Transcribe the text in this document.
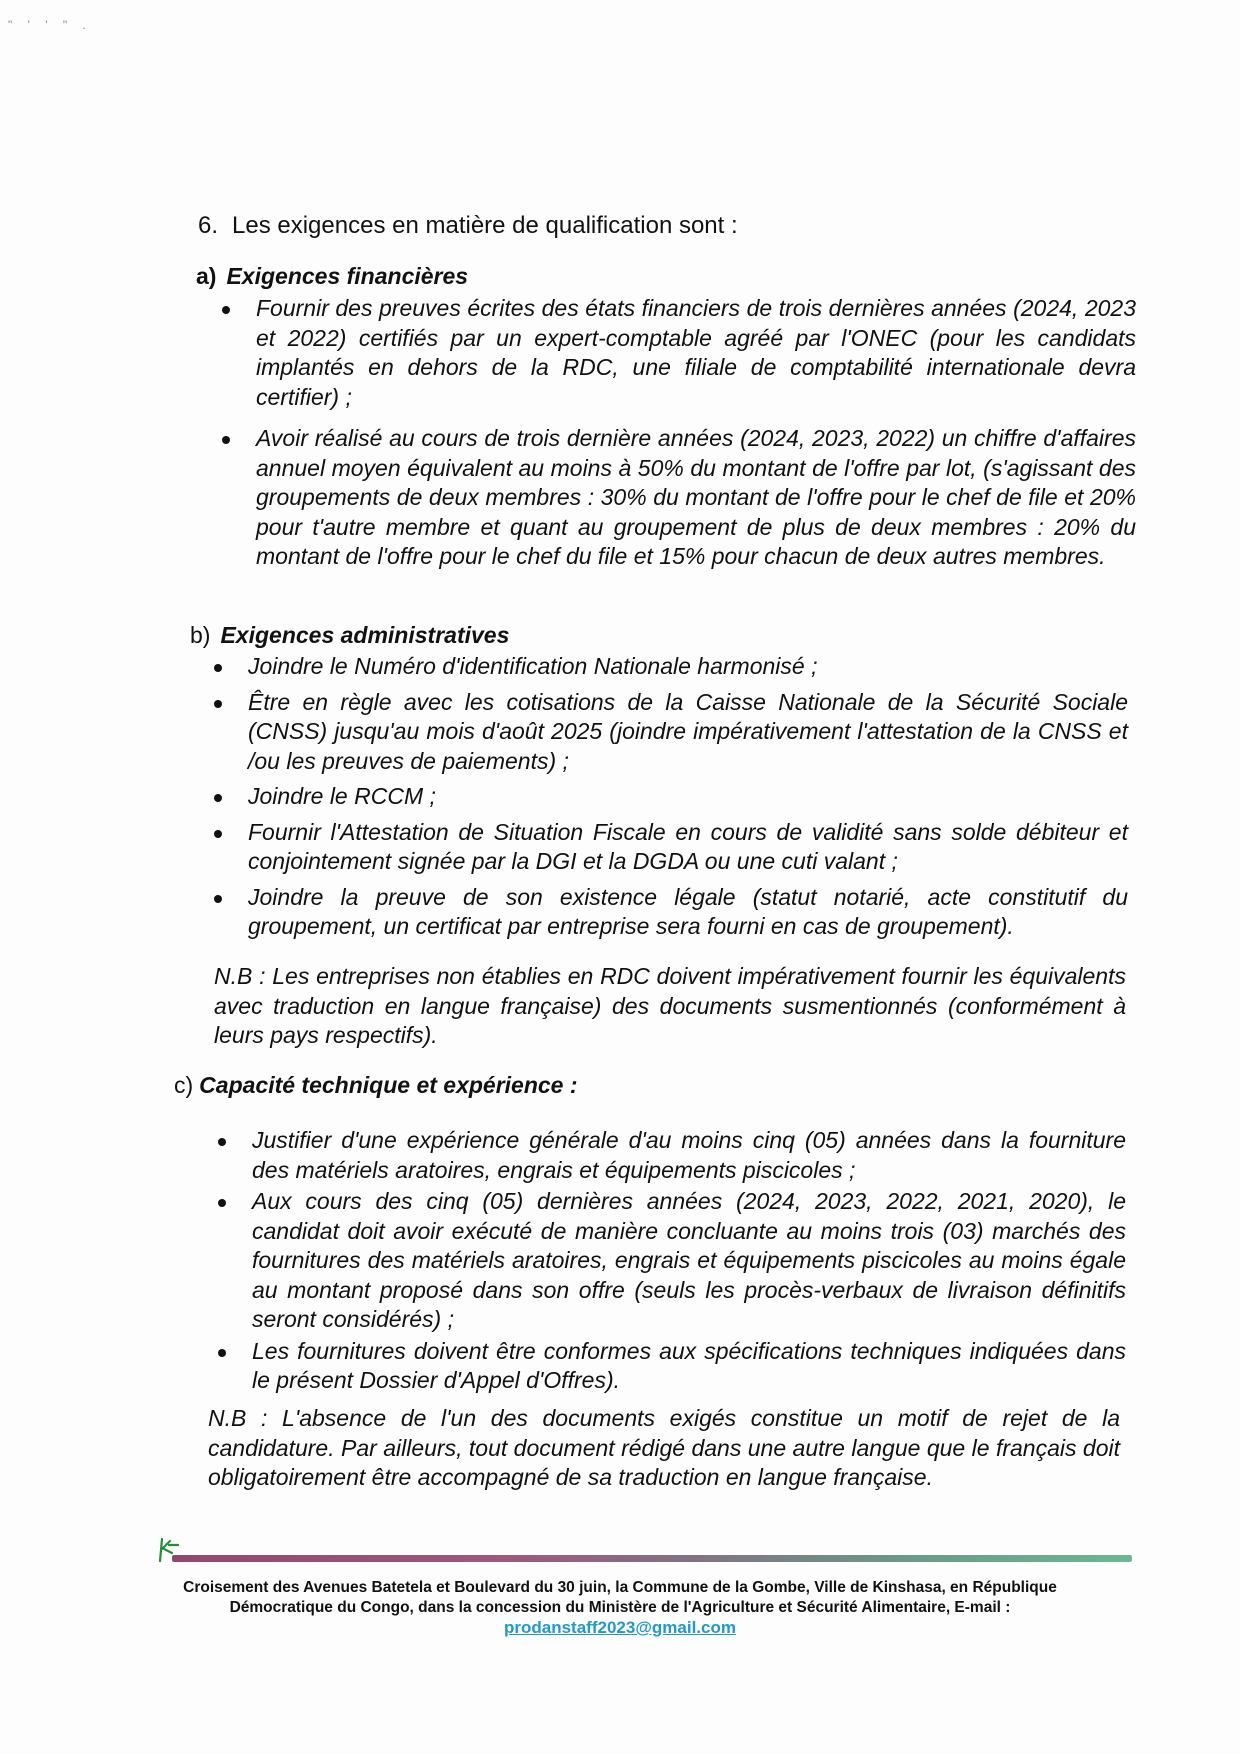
" ' ' " .
6. Les exigences en matière de qualification sont :
a) Exigences financières
Fournir des preuves écrites des états financiers de trois dernières années (2024, 2023 et 2022) certifiés par un expert-comptable agréé par l'ONEC (pour les candidats implantés en dehors de la RDC, une filiale de comptabilité internationale devra certifier) ;
Avoir réalisé au cours de trois dernière années (2024, 2023, 2022) un chiffre d'affaires annuel moyen équivalent au moins à 50% du montant de l'offre par lot, (s'agissant des groupements de deux membres : 30% du montant de l'offre pour le chef de file et 20% pour t'autre membre et quant au groupement de plus de deux membres : 20% du montant de l'offre pour le chef du file et 15% pour chacun de deux autres membres.
b) Exigences administratives
Joindre le Numéro d'identification Nationale harmonisé ;
Être en règle avec les cotisations de la Caisse Nationale de la Sécurité Sociale (CNSS) jusqu'au mois d'août 2025 (joindre impérativement l'attestation de la CNSS et /ou les preuves de paiements) ;
Joindre le RCCM ;
Fournir l'Attestation de Situation Fiscale en cours de validité sans solde débiteur et conjointement signée par la DGI et la DGDA ou une cuti valant ;
Joindre la preuve de son existence légale (statut notarié, acte constitutif du groupement, un certificat par entreprise sera fourni en cas de groupement).
N.B : Les entreprises non établies en RDC doivent impérativement fournir les équivalents avec traduction en langue française) des documents susmentionnés (conformément à leurs pays respectifs).
c) Capacité technique et expérience :
Justifier d'une expérience générale d'au moins cinq (05) années dans la fourniture des matériels aratoires, engrais et équipements piscicoles ;
Aux cours des cinq (05) dernières années (2024, 2023, 2022, 2021, 2020), le candidat doit avoir exécuté de manière concluante au moins trois (03) marchés des fournitures des matériels aratoires, engrais et équipements piscicoles au moins égale au montant proposé dans son offre (seuls les procès-verbaux de livraison définitifs seront considérés) ;
Les fournitures doivent être conformes aux spécifications techniques indiquées dans le présent Dossier d'Appel d'Offres).
N.B : L'absence de l'un des documents exigés constitue un motif de rejet de la candidature. Par ailleurs, tout document rédigé dans une autre langue que le français doit obligatoirement être accompagné de sa traduction en langue française.
Croisement des Avenues Batetela et Boulevard du 30 juin, la Commune de la Gombe, Ville de Kinshasa, en République
Démocratique du Congo, dans la concession du Ministère de l'Agriculture et Sécurité Alimentaire, E-mail :
prodanstaff2023@gmail.com
